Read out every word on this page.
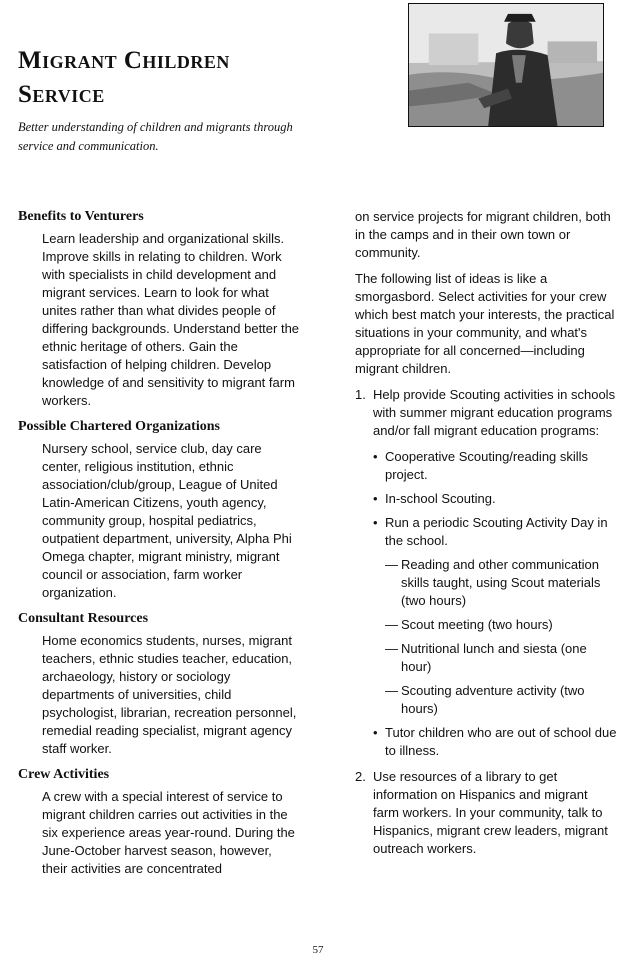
Migrant Children
Service

Better understanding of children and migrants through service and communication.

Benefits to Venturers

Learn leadership and organizational skills. Improve skills in relating to children. Work with specialists in child development and migrant services. Learn to look for what unites rather than what divides people of differing backgrounds. Understand better the ethnic heritage of others. Gain the satisfaction of helping children. Develop knowledge of and sensitivity to migrant farm workers.

Possible Chartered Organizations

Nursery school, service club, day care center, religious institution, ethnic association/club/group, League of United Latin-American Citizens, youth agency, community group, hospital pediatrics, outpatient department, university, Alpha Phi Omega chapter, migrant ministry, migrant council or association, farm worker organization.

Consultant Resources

Home economics students, nurses, migrant teachers, ethnic studies teacher, education, archaeology, history or sociology departments of universities, child psychologist, librarian, recreation personnel, remedial reading specialist, migrant agency staff worker.

Crew Activities

A crew with a special interest of service to migrant children carries out activities in the six experience areas year-round. During the June-October harvest season, however, their activities are concentrated

on service projects for migrant children, both in the camps and in their own town or community.

The following list of ideas is like a smorgasbord. Select activities for your crew which best match your interests, the practical situations in your community, and what's appropriate for all concerned—including migrant children.

1. Help provide Scouting activities in schools with summer migrant education programs and/or fall migrant education programs:
• Cooperative Scouting/reading skills project.
• In-school Scouting.
• Run a periodic Scouting Activity Day in the school.
— Reading and other communication skills taught, using Scout materials (two hours)
— Scout meeting (two hours)
— Nutritional lunch and siesta (one hour)
— Scouting adventure activity (two hours)
• Tutor children who are out of school due to illness.
2. Use resources of a library to get information on Hispanics and migrant farm workers. In your community, talk to Hispanics, migrant crew leaders, migrant outreach workers.
57
